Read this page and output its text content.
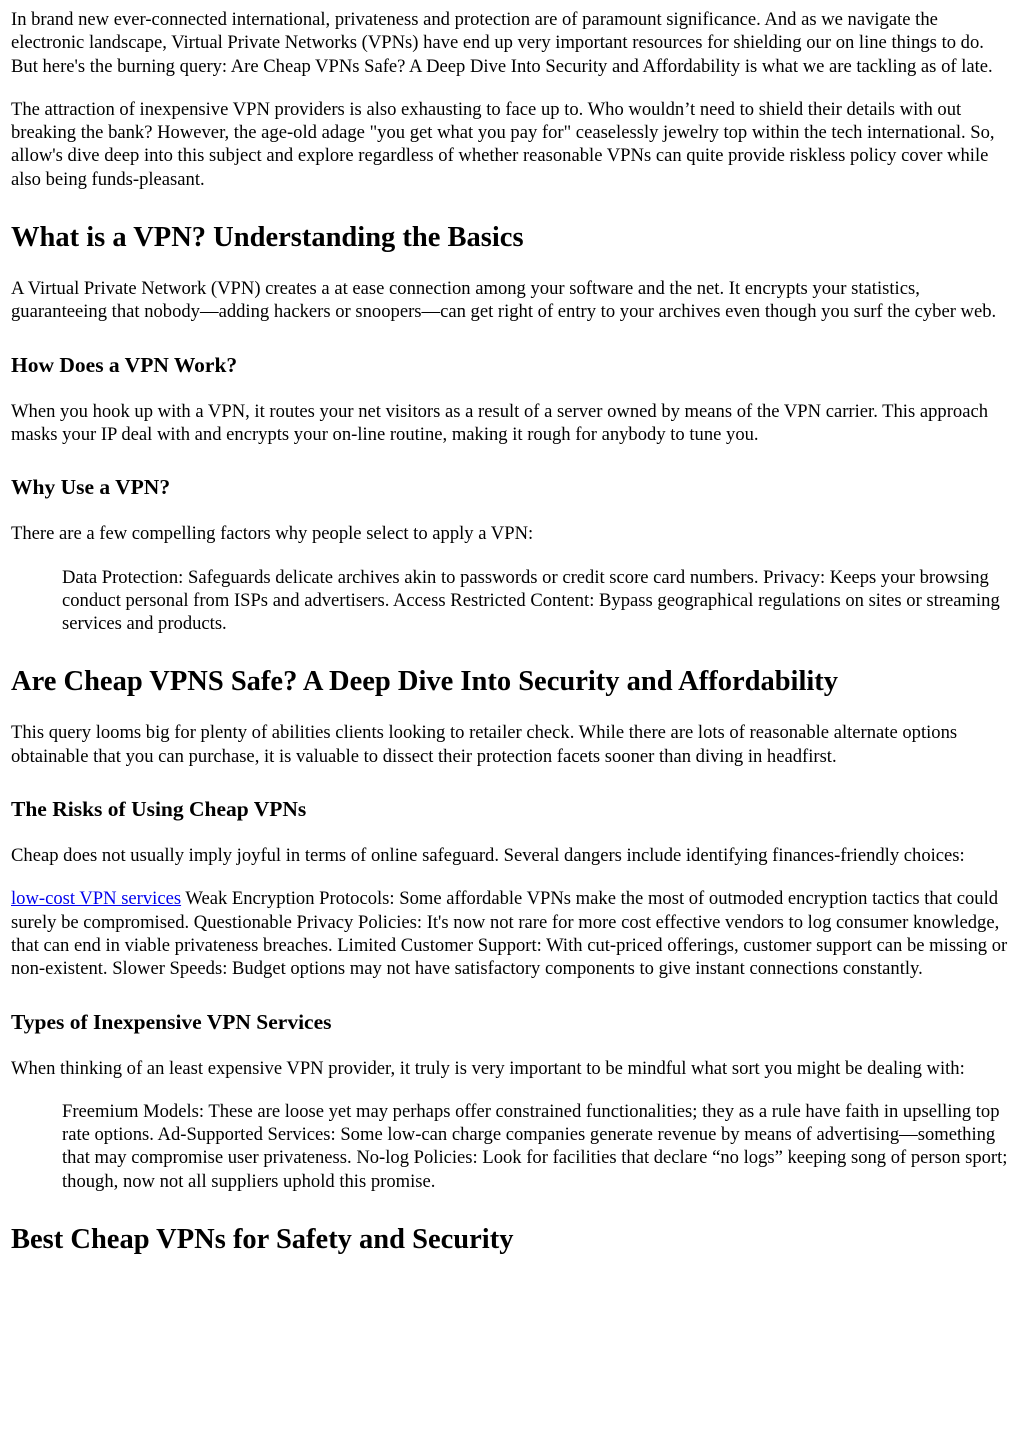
In brand new ever-connected international, privateness and protection are of paramount significance. And as we navigate the electronic landscape, Virtual Private Networks (VPNs) have end up very important resources for shielding our on line things to do. But here's the burning query: Are Cheap VPNs Safe? A Deep Dive Into Security and Affordability is what we are tackling as of late.

The attraction of inexpensive VPN providers is also exhausting to face up to. Who wouldn’t need to shield their details with out breaking the bank? However, the age-old adage "you get what you pay for" ceaselessly jewelry top within the tech international. So, allow's dive deep into this subject and explore regardless of whether reasonable VPNs can quite provide riskless policy cover while also being funds-pleasant.

What is a VPN? Understanding the Basics

A Virtual Private Network (VPN) creates a at ease connection among your software and the net. It encrypts your statistics, guaranteeing that nobody—adding hackers or snoopers—can get right of entry to your archives even though you surf the cyber web.

How Does a VPN Work?

When you hook up with a VPN, it routes your net visitors as a result of a server owned by means of the VPN carrier. This approach masks your IP deal with and encrypts your on-line routine, making it rough for anybody to tune you.

Why Use a VPN?

There are a few compelling factors why people select to apply a VPN:

Data Protection: Safeguards delicate archives akin to passwords or credit score card numbers. Privacy: Keeps your browsing conduct personal from ISPs and advertisers. Access Restricted Content: Bypass geographical regulations on sites or streaming services and products.
Are Cheap VPNS Safe? A Deep Dive Into Security and Affordability

This query looms big for plenty of abilities clients looking to retailer check. While there are lots of reasonable alternate options obtainable that you can purchase, it is valuable to dissect their protection facets sooner than diving in headfirst.

The Risks of Using Cheap VPNs

Cheap does not usually imply joyful in terms of online safeguard. Several dangers include identifying finances-friendly choices:

low-cost VPN services Weak Encryption Protocols: Some affordable VPNs make the most of outmoded encryption tactics that could surely be compromised. Questionable Privacy Policies: It's now not rare for more cost effective vendors to log consumer knowledge, that can end in viable privateness breaches. Limited Customer Support: With cut-priced offerings, customer support can be missing or non-existent. Slower Speeds: Budget options may not have satisfactory components to give instant connections constantly.

Types of Inexpensive VPN Services

When thinking of an least expensive VPN provider, it truly is very important to be mindful what sort you might be dealing with:

Freemium Models: These are loose yet may perhaps offer constrained functionalities; they as a rule have faith in upselling top rate options. Ad-Supported Services: Some low-can charge companies generate revenue by means of advertising—something that may compromise user privateness. No-log Policies: Look for facilities that declare “no logs” keeping song of person sport; though, now not all suppliers uphold this promise.
Best Cheap VPNs for Safety and Security
